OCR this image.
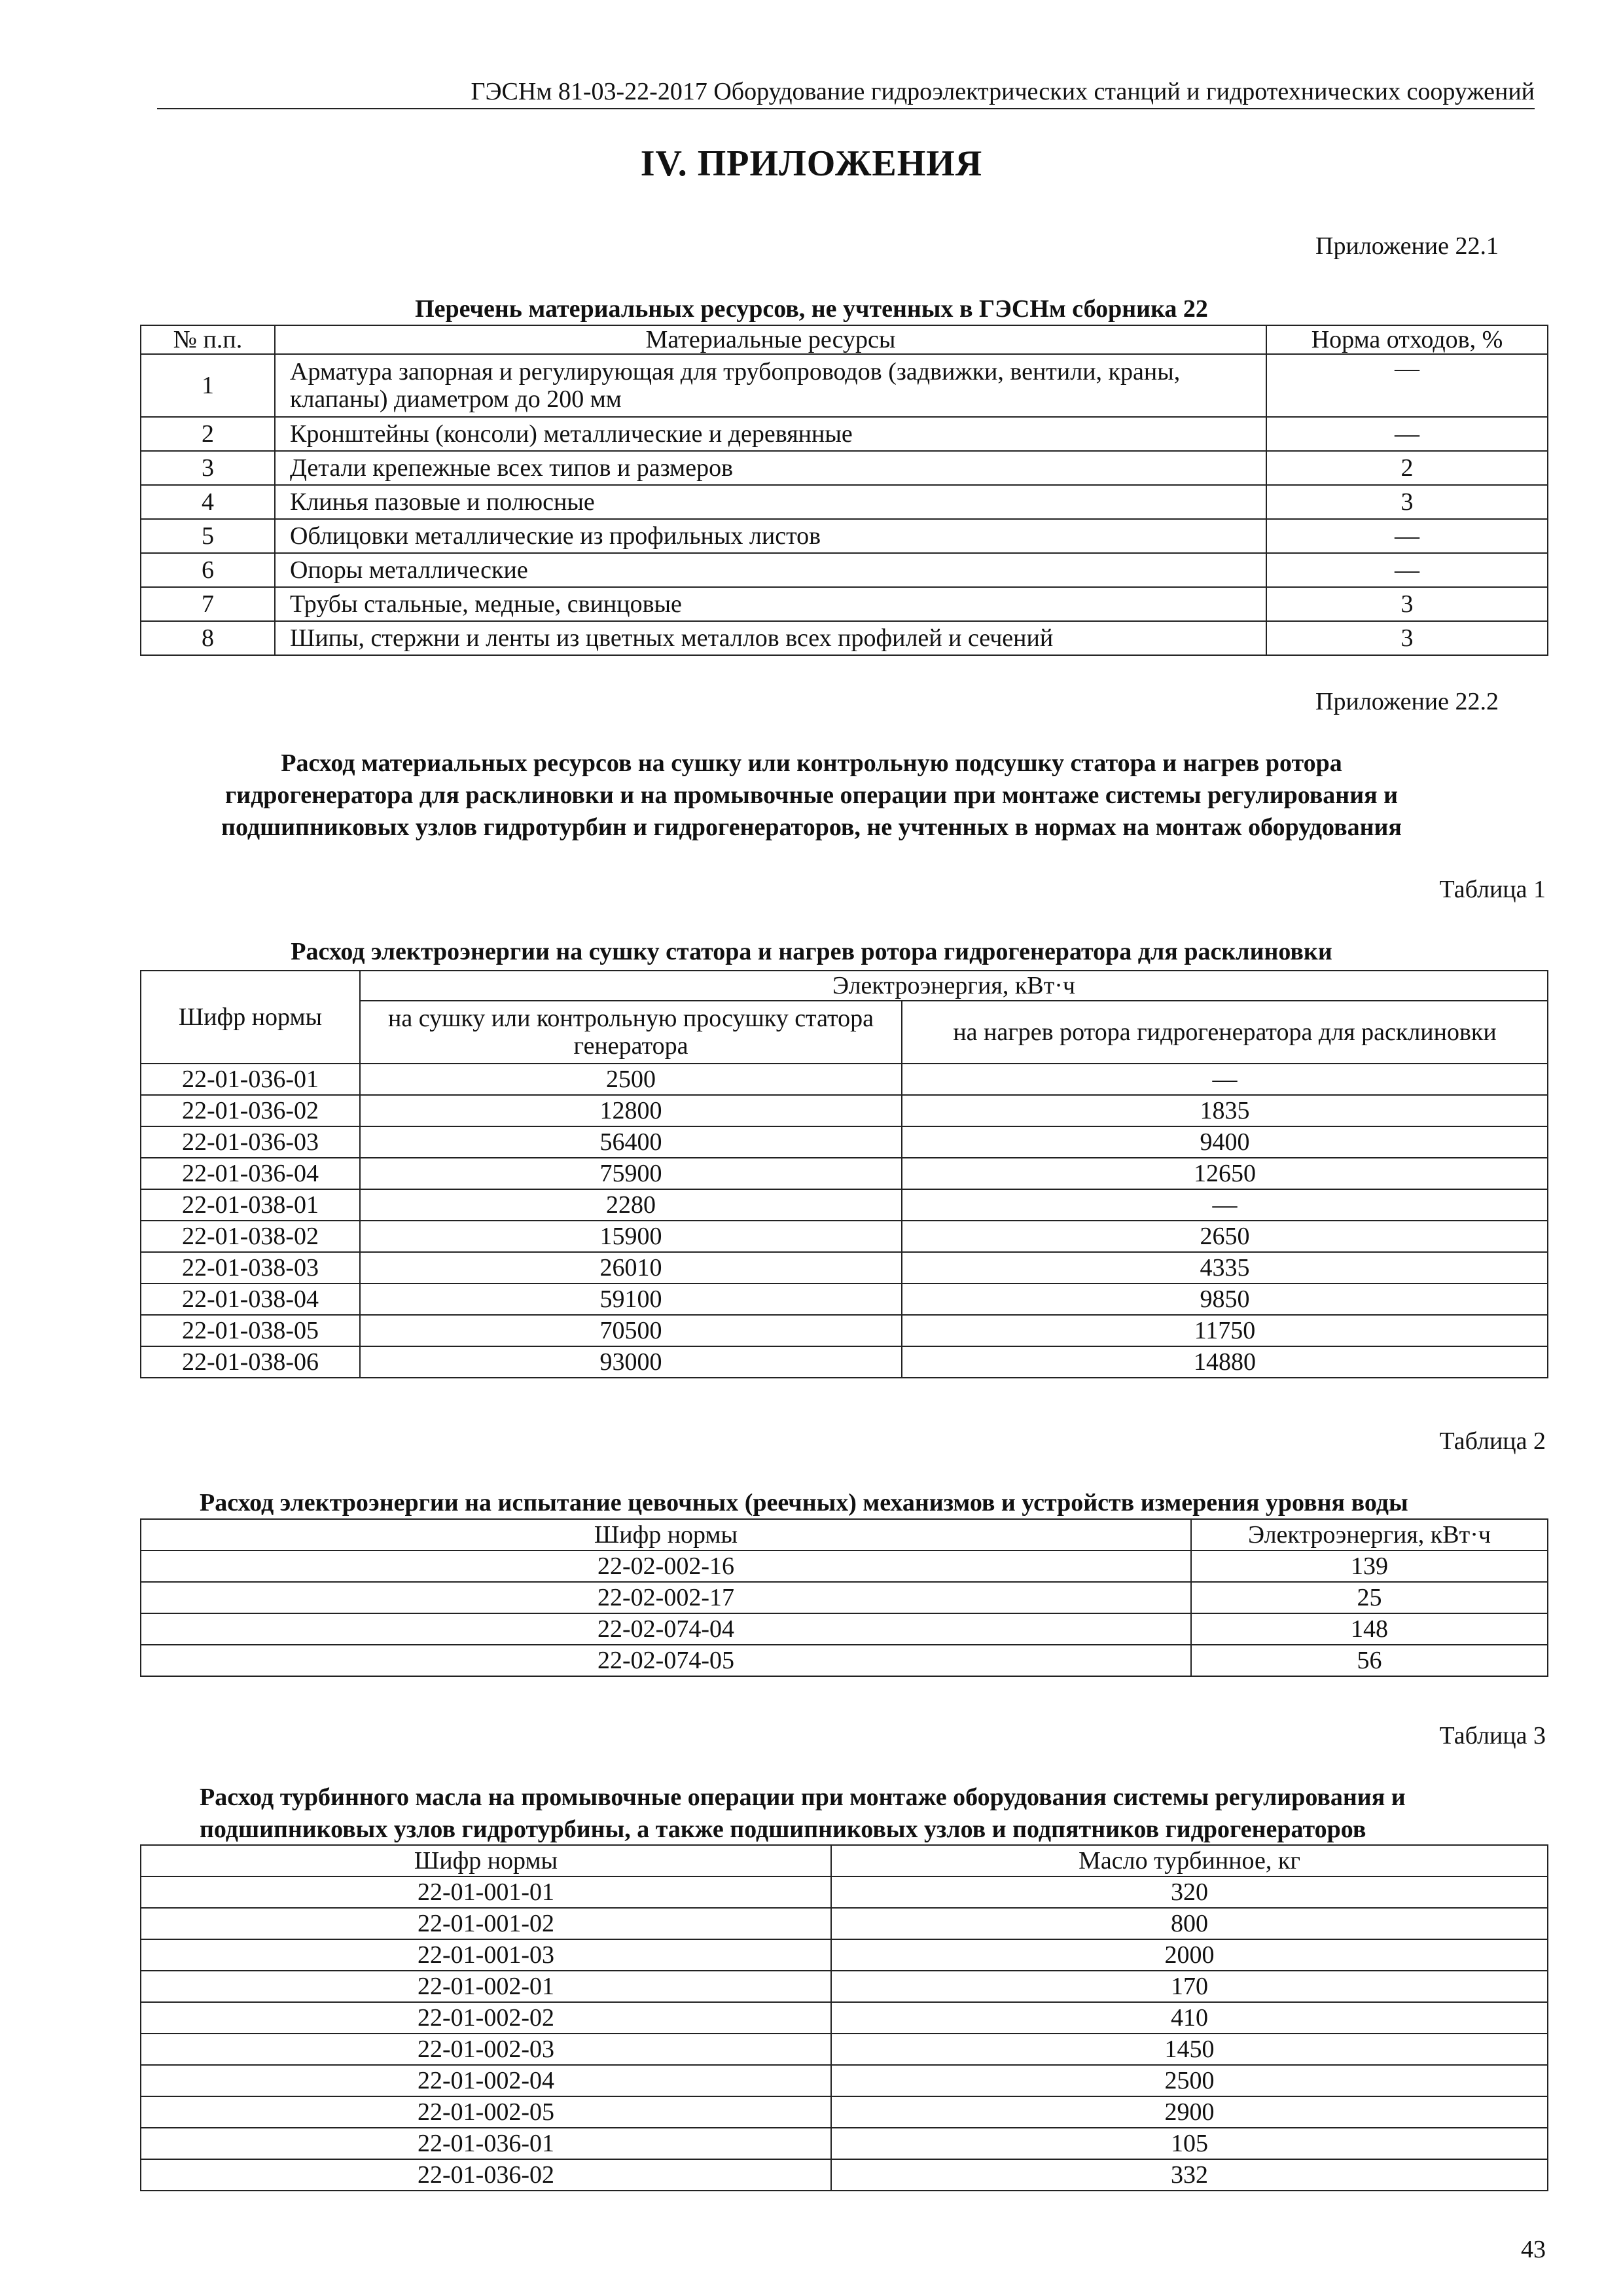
ГЭСНм 81-03-22-2017 Оборудование гидроэлектрических станций и гидротехнических сооружений
IV. ПРИЛОЖЕНИЯ
Приложение 22.1
Перечень материальных ресурсов, не учтенных в ГЭСНм сборника 22
№ п.п.	Материальные ресурсы	Норма отходов, %
1	Арматура запорная и регулирующая для трубопроводов (задвижки, вентили, краны, клапаны) диаметром до 200 мм	—
2	Кронштейны (консоли) металлические и деревянные	—
3	Детали крепежные всех типов и размеров	2
4	Клинья пазовые и полюсные	3
5	Облицовки металлические из профильных листов	—
6	Опоры металлические	—
7	Трубы стальные, медные, свинцовые	3
8	Шипы, стержни и ленты из цветных металлов всех профилей и сечений	3
Приложение 22.2
Расход материальных ресурсов на сушку или контрольную подсушку статора и нагрев ротора
гидрогенератора для расклиновки и на промывочные операции при монтаже системы регулирования и
подшипниковых узлов гидротурбин и гидрогенераторов, не учтенных в нормах на монтаж оборудования
Таблица 1
Расход электроэнергии на сушку статора и нагрев ротора гидрогенератора для расклиновки
Шифр нормы	Электроэнергия, кВт·ч	
	на сушку или контрольную просушку статора генератора	на нагрев ротора гидрогенератора для расклиновки
22-01-036-01	2500	—
22-01-036-02	12800	1835
22-01-036-03	56400	9400
22-01-036-04	75900	12650
22-01-038-01	2280	—
22-01-038-02	15900	2650
22-01-038-03	26010	4335
22-01-038-04	59100	9850
22-01-038-05	70500	11750
22-01-038-06	93000	14880
Таблица 2
Расход электроэнергии на испытание цевочных (реечных) механизмов и устройств измерения уровня воды
Шифр нормы	Электроэнергия, кВт·ч
22-02-002-16	139
22-02-002-17	25
22-02-074-04	148
22-02-074-05	56
Таблица 3
Расход турбинного масла на промывочные операции при монтаже оборудования системы регулирования и
подшипниковых узлов гидротурбины, а также подшипниковых узлов и подпятников гидрогенераторов
Шифр нормы	Масло турбинное, кг
22-01-001-01	320
22-01-001-02	800
22-01-001-03	2000
22-01-002-01	170
22-01-002-02	410
22-01-002-03	1450
22-01-002-04	2500
22-01-002-05	2900
22-01-036-01	105
22-01-036-02	332
43
